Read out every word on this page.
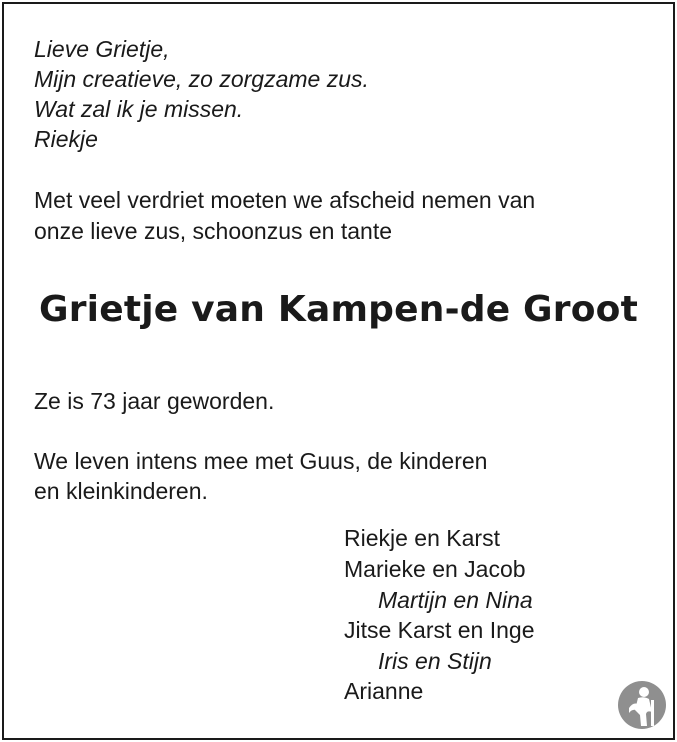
Lieve Grietje,
Mijn creatieve, zo zorgzame zus.
Wat zal ik je missen.
Riekje
Met veel verdriet moeten we afscheid nemen van
onze lieve zus, schoonzus en tante
Grietje van Kampen-de Groot
Ze is 73 jaar geworden.
We leven intens mee met Guus, de kinderen
en kleinkinderen.
Riekje en Karst
Marieke en Jacob
Martijn en Nina
Jitse Karst en Inge
Iris en Stijn
Arianne
